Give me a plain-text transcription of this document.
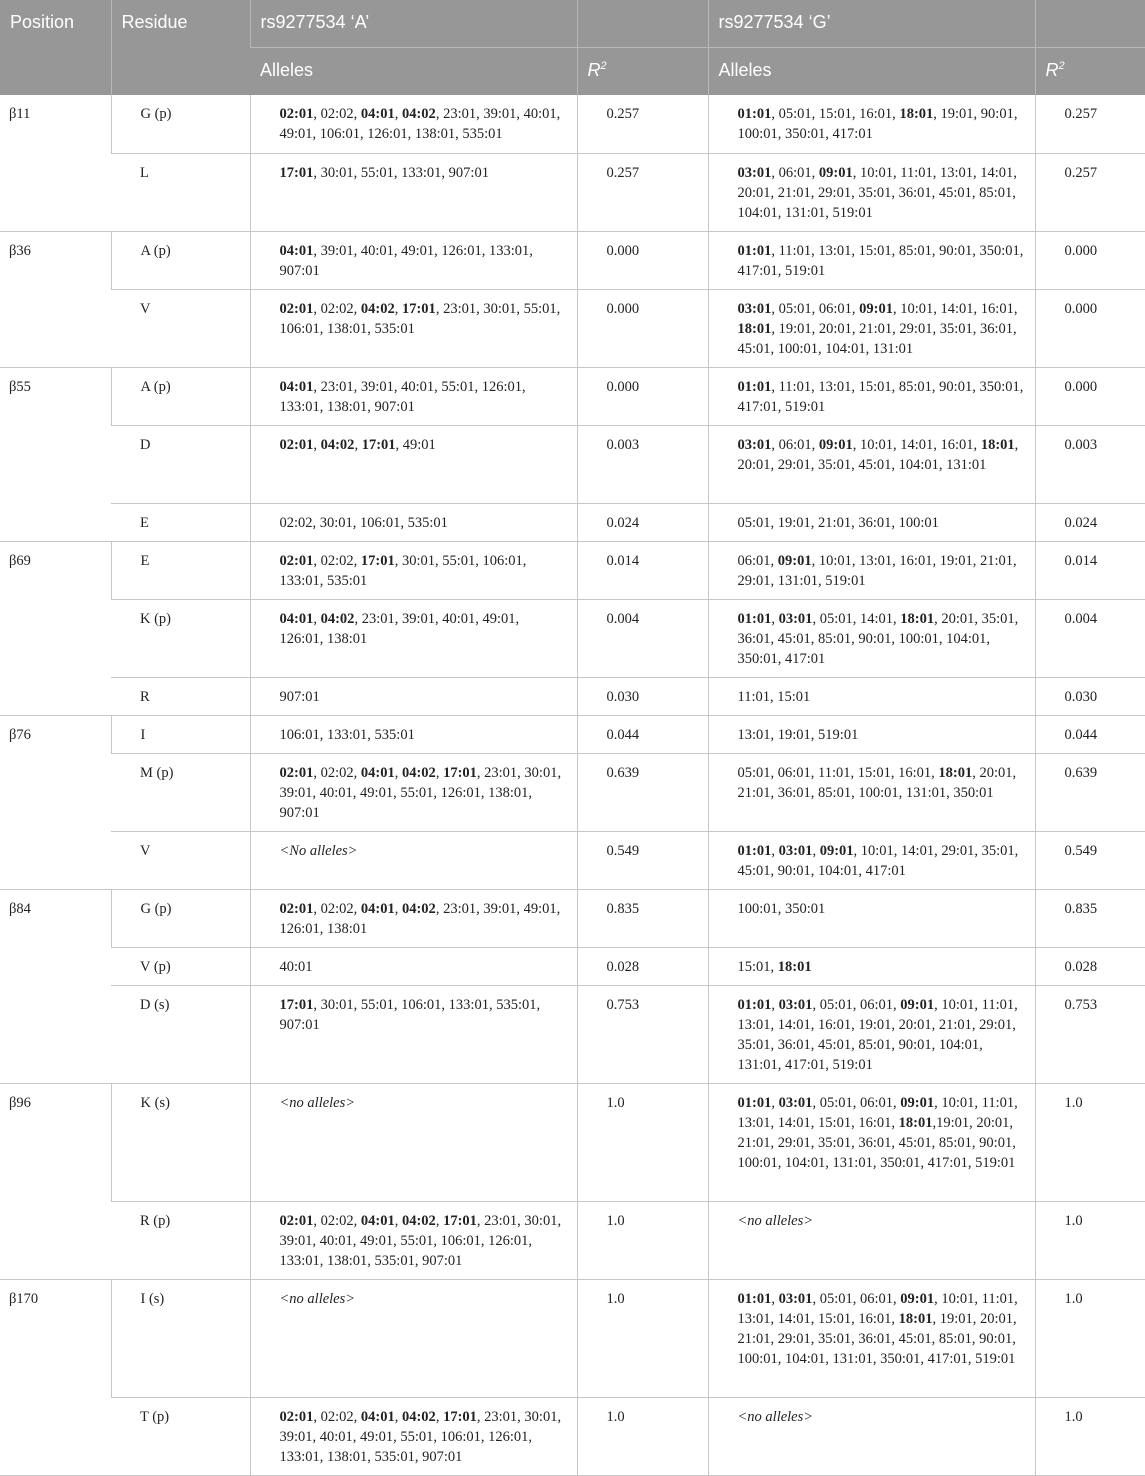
Position	Residue	rs9277534 ‘A’		rs9277534 ‘G’	
		Alleles	$R^2$	Alleles	$R^2$
β11	G (p)	02:01, 02:02, 04:01, 04:02, 23:01, 39:01, 40:01, 49:01, 106:01, 126:01, 138:01, 535:01	0.257	01:01, 05:01, 15:01, 16:01, 18:01, 19:01, 90:01, 100:01, 350:01, 417:01	0.257
	L	17:01, 30:01, 55:01, 133:01, 907:01	0.257	03:01, 06:01, 09:01, 10:01, 11:01, 13:01, 14:01, 20:01, 21:01, 29:01, 35:01, 36:01, 45:01, 85:01, 104:01, 131:01, 519:01	0.257
β36	A (p)	04:01, 39:01, 40:01, 49:01, 126:01, 133:01, 907:01	0.000	01:01, 11:01, 13:01, 15:01, 85:01, 90:01, 350:01, 417:01, 519:01	0.000
	V	02:01, 02:02, 04:02, 17:01, 23:01, 30:01, 55:01, 106:01, 138:01, 535:01	0.000	03:01, 05:01, 06:01, 09:01, 10:01, 14:01, 16:01, 18:01, 19:01, 20:01, 21:01, 29:01, 35:01, 36:01, 45:01, 100:01, 104:01, 131:01	0.000
β55	A (p)	04:01, 23:01, 39:01, 40:01, 55:01, 126:01, 133:01, 138:01, 907:01	0.000	01:01, 11:01, 13:01, 15:01, 85:01, 90:01, 350:01, 417:01, 519:01	0.000
	D	02:01, 04:02, 17:01, 49:01	0.003	03:01, 06:01, 09:01, 10:01, 14:01, 16:01, 18:01, 20:01, 29:01, 35:01, 45:01, 104:01, 131:01	0.003
	E	02:02, 30:01, 106:01, 535:01	0.024	05:01, 19:01, 21:01, 36:01, 100:01	0.024
β69	E	02:01, 02:02, 17:01, 30:01, 55:01, 106:01, 133:01, 535:01	0.014	06:01, 09:01, 10:01, 13:01, 16:01, 19:01, 21:01, 29:01, 131:01, 519:01	0.014
	K (p)	04:01, 04:02, 23:01, 39:01, 40:01, 49:01, 126:01, 138:01	0.004	01:01, 03:01, 05:01, 14:01, 18:01, 20:01, 35:01, 36:01, 45:01, 85:01, 90:01, 100:01, 104:01, 350:01, 417:01	0.004
	R	907:01	0.030	11:01, 15:01	0.030
β76	I	106:01, 133:01, 535:01	0.044	13:01, 19:01, 519:01	0.044
	M (p)	02:01, 02:02, 04:01, 04:02, 17:01, 23:01, 30:01, 39:01, 40:01, 49:01, 55:01, 126:01, 138:01, 907:01	0.639	05:01, 06:01, 11:01, 15:01, 16:01, 18:01, 20:01, 21:01, 36:01, 85:01, 100:01, 131:01, 350:01	0.639
	V	<No alleles>	0.549	01:01, 03:01, 09:01, 10:01, 14:01, 29:01, 35:01, 45:01, 90:01, 104:01, 417:01	0.549
β84	G (p)	02:01, 02:02, 04:01, 04:02, 23:01, 39:01, 49:01, 126:01, 138:01	0.835	100:01, 350:01	0.835
	V (p)	40:01	0.028	15:01, 18:01	0.028
	D (s)	17:01, 30:01, 55:01, 106:01, 133:01, 535:01, 907:01	0.753	01:01, 03:01, 05:01, 06:01, 09:01, 10:01, 11:01, 13:01, 14:01, 16:01, 19:01, 20:01, 21:01, 29:01, 35:01, 36:01, 45:01, 85:01, 90:01, 104:01, 131:01, 417:01, 519:01	0.753
β96	K (s)	<no alleles>	1.0	01:01, 03:01, 05:01, 06:01, 09:01, 10:01, 11:01, 13:01, 14:01, 15:01, 16:01, 18:01,19:01, 20:01, 21:01, 29:01, 35:01, 36:01, 45:01, 85:01, 90:01, 100:01, 104:01, 131:01, 350:01, 417:01, 519:01	1.0
	R (p)	02:01, 02:02, 04:01, 04:02, 17:01, 23:01, 30:01, 39:01, 40:01, 49:01, 55:01, 106:01, 126:01, 133:01, 138:01, 535:01, 907:01	1.0	<no alleles>	1.0
β170	I (s)	<no alleles>	1.0	01:01, 03:01, 05:01, 06:01, 09:01, 10:01, 11:01, 13:01, 14:01, 15:01, 16:01, 18:01, 19:01, 20:01, 21:01, 29:01, 35:01, 36:01, 45:01, 85:01, 90:01, 100:01, 104:01, 131:01, 350:01, 417:01, 519:01	1.0
	T (p)	02:01, 02:02, 04:01, 04:02, 17:01, 23:01, 30:01, 39:01, 40:01, 49:01, 55:01, 106:01, 126:01, 133:01, 138:01, 535:01, 907:01	1.0	<no alleles>	1.0
